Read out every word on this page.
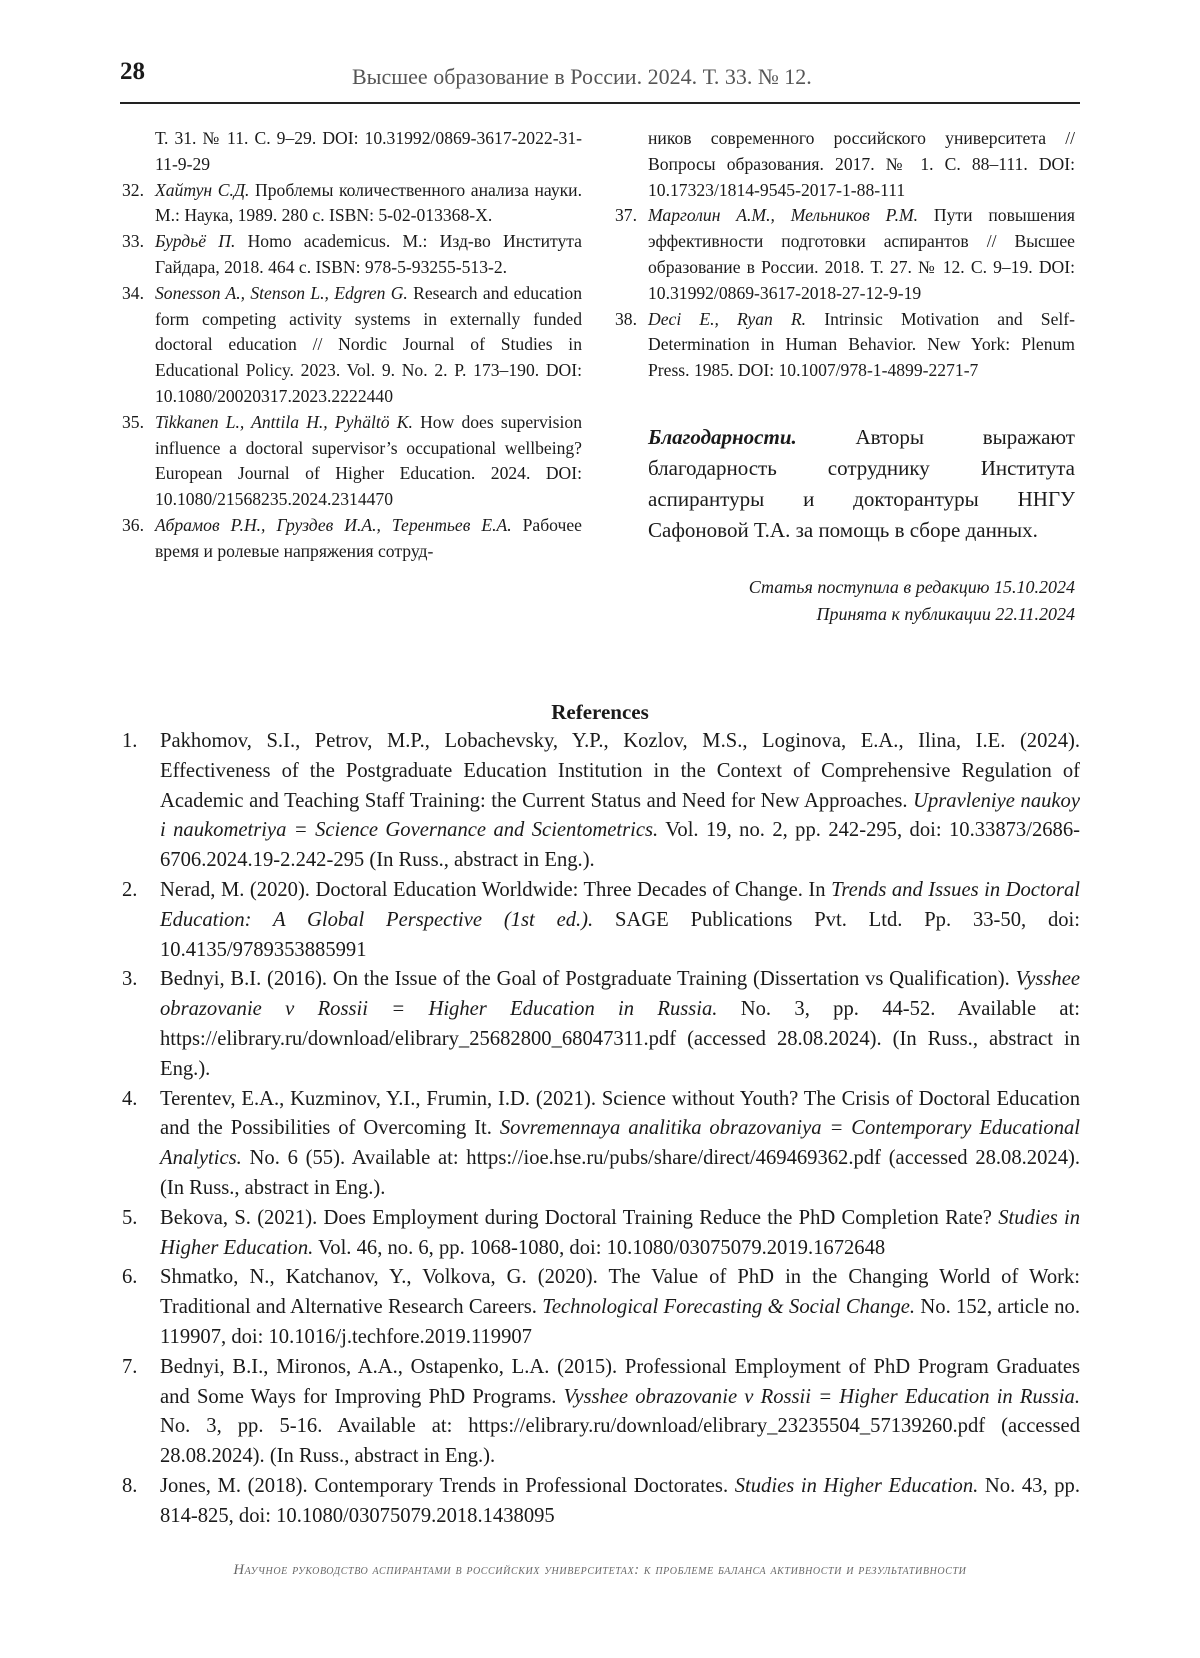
28	Высшее образование в России. 2024. Т. 33. № 12.

Т. 31. № 11. С. 9–29. DOI: 10.31992/0869-3617-2022-31-11-9-29

32. Хайтун С.Д. Проблемы количественного анализа науки. М.: Наука, 1989. 280 с. ISBN: 5-02-013368-X.
33. Бурдьё П. Homo academicus. М.: Изд-во Института Гайдара, 2018. 464 с. ISBN: 978-5-93255-513-2.
34. Sonesson A., Stenson L., Edgren G. Research and education form competing activity systems in externally funded doctoral education // Nordic Journal of Studies in Educational Policy. 2023. Vol. 9. No. 2. P. 173–190. DOI: 10.1080/20020317.2023.2222440
35. Tikkanen L., Anttila H., Pyhältö K. How does supervision influence a doctoral supervisor’s occupational wellbeing? European Journal of Higher Education. 2024. DOI: 10.1080/21568235.2024.2314470
36. Абрамов Р.Н., Груздев И.А., Терентьев Е.А. Рабочее время и ролевые напряжения сотруд-

ников современного российского университета // Вопросы образования. 2017. № 1. С. 88–111. DOI: 10.17323/1814-9545-2017-1-88-111

37. Марголин А.М., Мельников Р.М. Пути повышения эффективности подготовки аспирантов // Высшее образование в России. 2018. Т. 27. № 12. С. 9–19. DOI: 10.31992/0869-3617-2018-27-12-9-19
38. Deci E., Ryan R. Intrinsic Motivation and Self-Determination in Human Behavior. New York: Plenum Press. 1985. DOI: 10.1007/978-1-4899-2271-7

Благодарности. Авторы выражают благодарность сотруднику Института аспирантуры и докторантуры ННГУ Сафоновой Т.А. за помощь в сборе данных.

Статья поступила в редакцию 15.10.2024
Принята к публикации 22.11.2024

References

1.	Pakhomov, S.I., Petrov, M.P., Lobachevsky, Y.P., Kozlov, M.S., Loginova, E.A., Ilina, I.E. (2024). Effectiveness of the Postgraduate Education Institution in the Context of Comprehensive Regulation of Academic and Teaching Staff Training: the Current Status and Need for New Approaches. Upravleniye naukoy i naukometriya = Science Governance and Scientometrics. Vol. 19, no. 2, pp. 242-295, doi: 10.33873/2686-6706.2024.19-2.242-295 (In Russ., abstract in Eng.).
2.	Nerad, M. (2020). Doctoral Education Worldwide: Three Decades of Change. In Trends and Issues in Doctoral Education: A Global Perspective (1st ed.). SAGE Publications Pvt. Ltd. Pp. 33-50, doi: 10.4135/9789353885991
3.	Bednyi, B.I. (2016). On the Issue of the Goal of Postgraduate Training (Dissertation vs Qualification). Vysshee obrazovanie v Rossii = Higher Education in Russia. No. 3, pp. 44-52. Available at: https://elibrary.ru/download/elibrary_25682800_68047311.pdf (accessed 28.08.2024). (In Russ., abstract in Eng.).
4.	Terentev, E.A., Kuzminov, Y.I., Frumin, I.D. (2021). Science without Youth? The Crisis of Doctoral Education and the Possibilities of Overcoming It. Sovremennaya analitika obrazovaniya = Contemporary Educational Analytics. No. 6 (55). Available at: https://ioe.hse.ru/pubs/share/direct/469469362.pdf (accessed 28.08.2024). (In Russ., abstract in Eng.).
5.	Bekova, S. (2021). Does Employment during Doctoral Training Reduce the PhD Completion Rate? Studies in Higher Education. Vol. 46, no. 6, pp. 1068-1080, doi: 10.1080/03075079.2019.1672648
6.	Shmatko, N., Katchanov, Y., Volkova, G. (2020). The Value of PhD in the Changing World of Work: Traditional and Alternative Research Careers. Technological Forecasting & Social Change. No. 152, article no. 119907, doi: 10.1016/j.techfore.2019.119907
7.	Bednyi, B.I., Mironos, A.A., Ostapenko, L.A. (2015). Professional Employment of PhD Program Graduates and Some Ways for Improving PhD Programs. Vysshee obrazovanie v Rossii = Higher Education in Russia. No. 3, pp. 5-16. Available at: https://elibrary.ru/download/elibrary_23235504_57139260.pdf (accessed 28.08.2024). (In Russ., abstract in Eng.).
8.	Jones, M. (2018). Contemporary Trends in Professional Doctorates. Studies in Higher Education. No. 43, pp. 814-825, doi: 10.1080/03075079.2018.1438095

Научное руководство аспирантами в российских университетах: к проблеме баланса активности и результативности
